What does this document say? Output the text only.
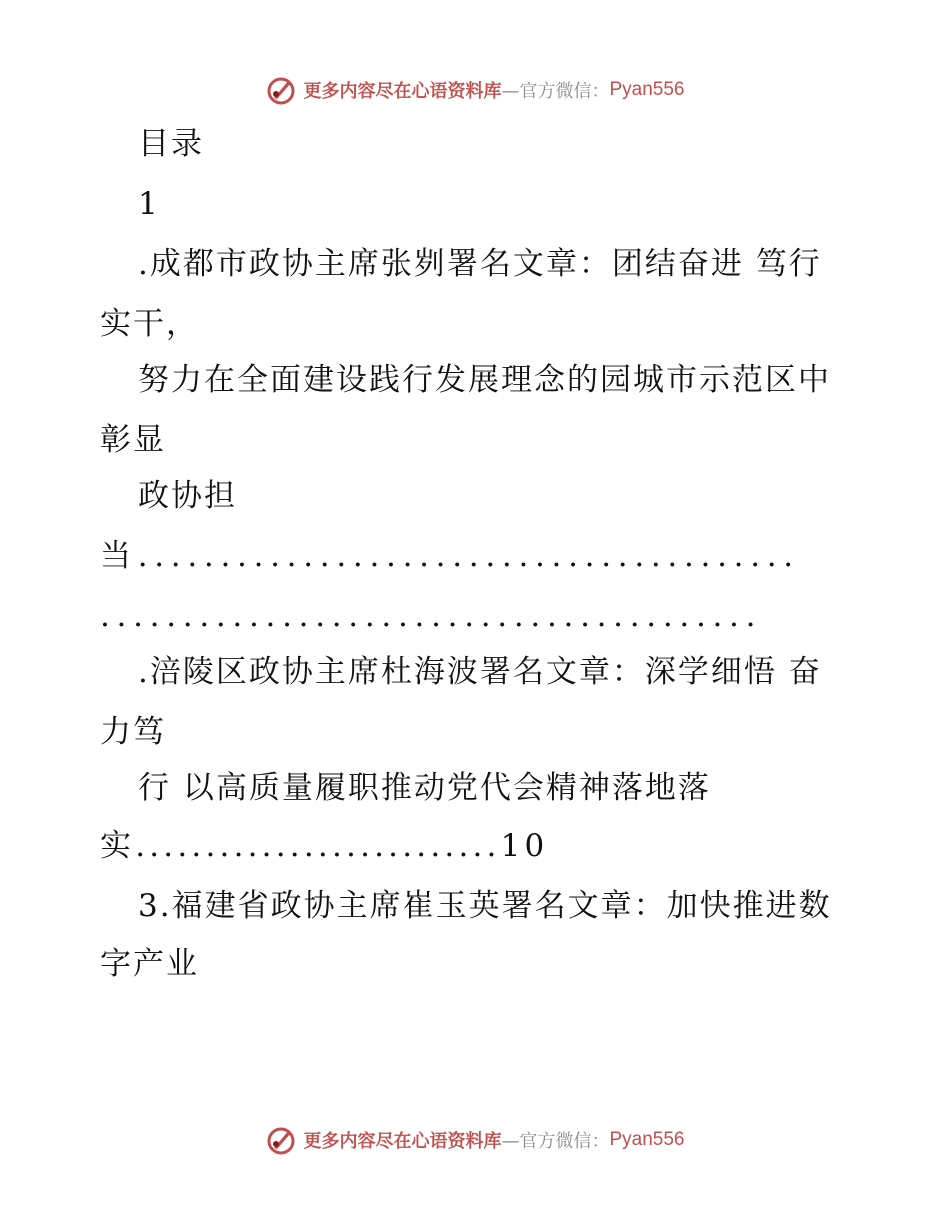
更多内容尽在心语资料库 —官方微信： Pyan556
目录
1
.成都市政协主席张刿署名文章：团结奋进 笃行
实干，
努力在全面建设践行发展理念的园城市示范区中
彰显
政协担
当........................................
........................................
.涪陵区政协主席杜海波署名文章：深学细悟 奋
力笃
行 以高质量履职推动党代会精神落地落
实..........................10
3.福建省政协主席崔玉英署名文章：加快推进数
字产业
更多内容尽在心语资料库 —官方微信： Pyan556
